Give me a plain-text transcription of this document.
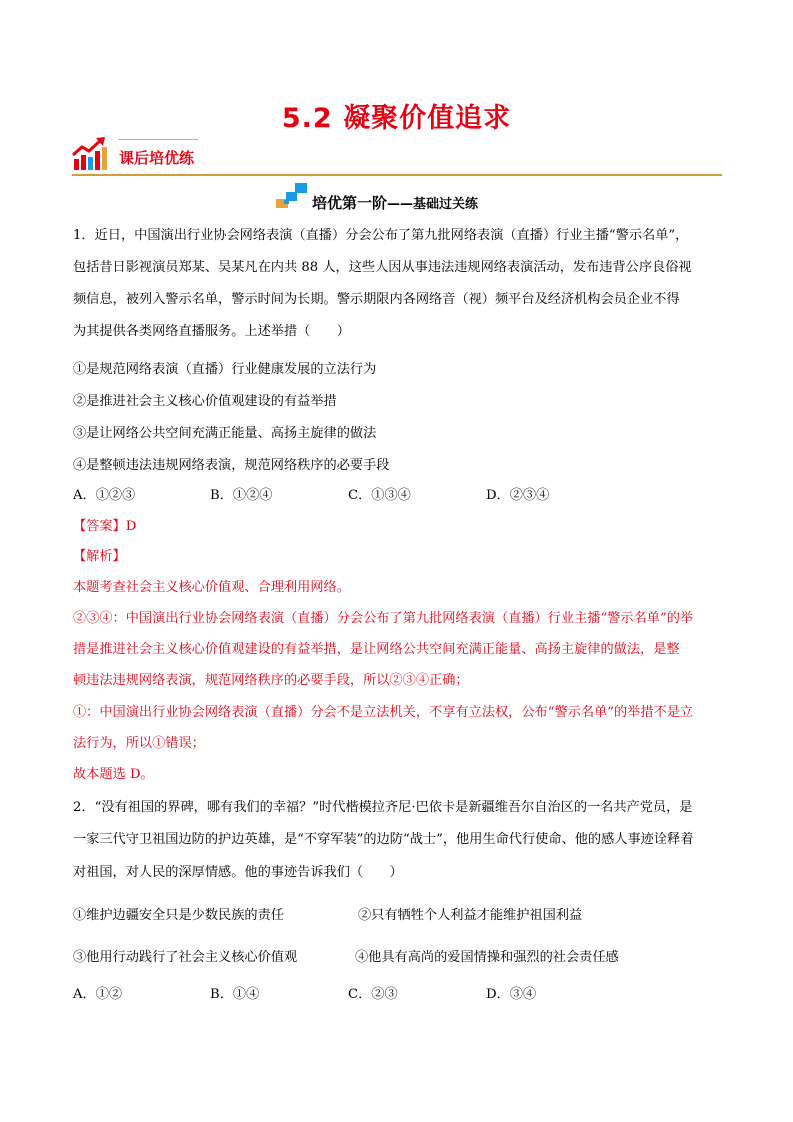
5.2 凝聚价值追求
课后培优练
培优第一阶——基础过关练
1．近日，中国演出行业协会网络表演（直播）分会公布了第九批网络表演（直播）行业主播“警示名单”，
包括昔日影视演员郑某、吴某凡在内共 88 人，这些人因从事违法违规网络表演活动，发布违背公序良俗视
频信息，被列入警示名单，警示时间为长期。警示期限内各网络音（视）频平台及经济机构会员企业不得
为其提供各类网络直播服务。上述举措（　　）
①是规范网络表演（直播）行业健康发展的立法行为
②是推进社会主义核心价值观建设的有益举措
③是让网络公共空间充满正能量、高扬主旋律的做法
④是整顿违法违规网络表演，规范网络秩序的必要手段
A．①②③	B．①②④	C．①③④	D．②③④
【答案】D
【解析】
本题考查社会主义核心价值观、合理利用网络。
②③④：中国演出行业协会网络表演（直播）分会公布了第九批网络表演（直播）行业主播“警示名单”的举
措是推进社会主义核心价值观建设的有益举措，是让网络公共空间充满正能量、高扬主旋律的做法，是整
顿违法违规网络表演，规范网络秩序的必要手段，所以②③④正确；
①：中国演出行业协会网络表演（直播）分会不是立法机关，不享有立法权，公布“警示名单”的举措不是立
法行为，所以①错误；
故本题选 D。
2．“没有祖国的界碑，哪有我们的幸福？”时代楷模拉齐尼·巴依卡是新疆维吾尔自治区的一名共产党员，是
一家三代守卫祖国边防的护边英雄，是“不穿军装”的边防“战士”，他用生命代行使命、他的感人事迹诠释着
对祖国，对人民的深厚情感。他的事迹告诉我们（　　）
①维护边疆安全只是少数民族的责任	②只有牺牲个人利益才能维护祖国利益
③他用行动践行了社会主义核心价值观	④他具有高尚的爱国情操和强烈的社会责任感
A．①②	B．①④	C．②③	D．③④
